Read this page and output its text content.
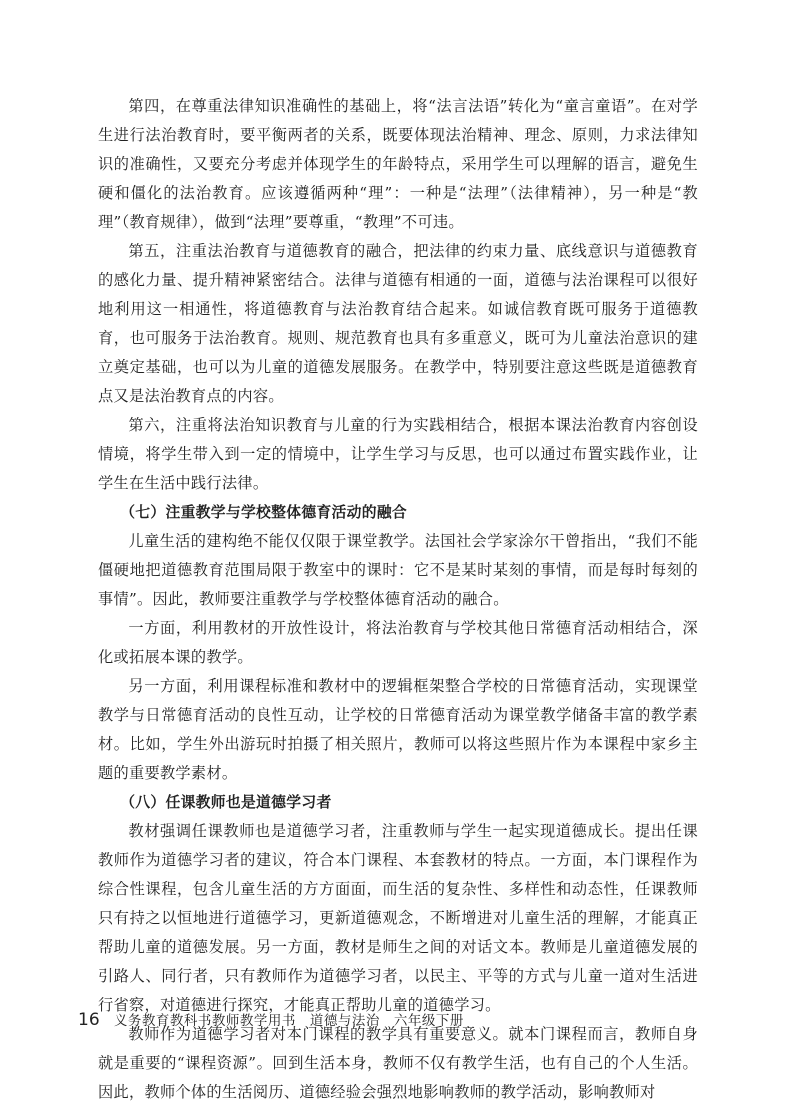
第四，在尊重法律知识准确性的基础上，将“法言法语”转化为“童言童语”。在对学生进行法治教育时，要平衡两者的关系，既要体现法治精神、理念、原则，力求法律知识的准确性，又要充分考虑并体现学生的年龄特点，采用学生可以理解的语言，避免生硬和僵化的法治教育。应该遵循两种“理”：一种是“法理”（法律精神），另一种是“教理”（教育规律），做到“法理”要尊重，“教理”不可违。

第五，注重法治教育与道德教育的融合，把法律的约束力量、底线意识与道德教育的感化力量、提升精神紧密结合。法律与道德有相通的一面，道德与法治课程可以很好地利用这一相通性，将道德教育与法治教育结合起来。如诚信教育既可服务于道德教育，也可服务于法治教育。规则、规范教育也具有多重意义，既可为儿童法治意识的建立奠定基础，也可以为儿童的道德发展服务。在教学中，特别要注意这些既是道德教育点又是法治教育点的内容。

第六，注重将法治知识教育与儿童的行为实践相结合，根据本课法治教育内容创设情境，将学生带入到一定的情境中，让学生学习与反思，也可以通过布置实践作业，让学生在生活中践行法律。

（七）注重教学与学校整体德育活动的融合

儿童生活的建构绝不能仅仅限于课堂教学。法国社会学家涂尔干曾指出，“我们不能僵硬地把道德教育范围局限于教室中的课时：它不是某时某刻的事情，而是每时每刻的事情”。因此，教师要注重教学与学校整体德育活动的融合。

一方面，利用教材的开放性设计，将法治教育与学校其他日常德育活动相结合，深化或拓展本课的教学。

另一方面，利用课程标准和教材中的逻辑框架整合学校的日常德育活动，实现课堂教学与日常德育活动的良性互动，让学校的日常德育活动为课堂教学储备丰富的教学素材。比如，学生外出游玩时拍摄了相关照片，教师可以将这些照片作为本课程中家乡主题的重要教学素材。

（八）任课教师也是道德学习者

教材强调任课教师也是道德学习者，注重教师与学生一起实现道德成长。提出任课教师作为道德学习者的建议，符合本门课程、本套教材的特点。一方面，本门课程作为综合性课程，包含儿童生活的方方面面，而生活的复杂性、多样性和动态性，任课教师只有持之以恒地进行道德学习，更新道德观念，不断增进对儿童生活的理解，才能真正帮助儿童的道德发展。另一方面，教材是师生之间的对话文本。教师是儿童道德发展的引路人、同行者，只有教师作为道德学习者，以民主、平等的方式与儿童一道对生活进行省察，对道德进行探究，才能真正帮助儿童的道德学习。

教师作为道德学习者对本门课程的教学具有重要意义。就本门课程而言，教师自身就是重要的“课程资源”。回到生活本身，教师不仅有教学生活，也有自己的个人生活。因此，教师个体的生活阅历、道德经验会强烈地影响教师的教学活动，影响教师对

16 义务教育教科书教师教学用书　道德与法治　六年级下册
